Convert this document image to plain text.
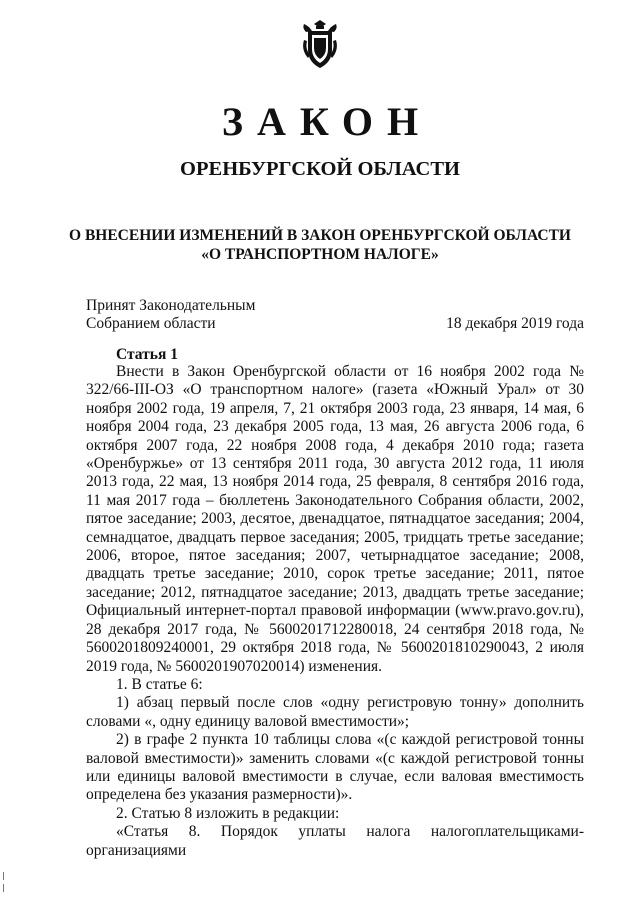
ЗАКОН
ОРЕНБУРГСКОЙ ОБЛАСТИ
О ВНЕСЕНИИ ИЗМЕНЕНИЙ В ЗАКОН ОРЕНБУРГСКОЙ ОБЛАСТИ
«О ТРАНСПОРТНОМ НАЛОГЕ»
Принят Законодательным
Собранием области	18 декабря 2019 года
Статья 1

Внести в Закон Оренбургской области от 16 ноября 2002 года № 322/66-III-ОЗ «О транспортном налоге» (газета «Южный Урал» от 30 ноября 2002 года, 19 апреля, 7, 21 октября 2003 года, 23 января, 14 мая, 6 ноября 2004 года, 23 декабря 2005 года, 13 мая, 26 августа 2006 года, 6 октября 2007 года, 22 ноября 2008 года, 4 декабря 2010 года; газета «Оренбуржье» от 13 сентября 2011 года, 30 августа 2012 года, 11 июля 2013 года, 22 мая, 13 ноября 2014 года, 25 февраля, 8 сентября 2016 года, 11 мая 2017 года – бюллетень Законодательного Собрания области, 2002, пятое заседание; 2003, десятое, двенадцатое, пятнадцатое заседания; 2004, семнадцатое, двадцать первое заседания; 2005, тридцать третье заседание; 2006, второе, пятое заседания; 2007, четырнадцатое заседание; 2008, двадцать третье заседание; 2010, сорок третье заседание; 2011, пятое заседание; 2012, пятнадцатое заседание; 2013, двадцать третье заседание; Официальный интернет-портал правовой информации (www.pravo.gov.ru), 28 декабря 2017 года, № 5600201712280018, 24 сентября 2018 года, № 5600201809240001, 29 октября 2018 года, № 5600201810290043, 2 июля 2019 года, № 5600201907020014) изменения.

1. В статье 6:

1) абзац первый после слов «одну регистровую тонну» дополнить словами «, одну единицу валовой вместимости»;

2) в графе 2 пункта 10 таблицы слова «(с каждой регистровой тонны валовой вместимости)» заменить словами «(с каждой регистровой тонны или единицы валовой вместимости в случае, если валовая вместимость определена без указания размерности)».

2. Статью 8 изложить в редакции:

«Статья 8. Порядок уплаты налога налогоплательщиками-организациями
